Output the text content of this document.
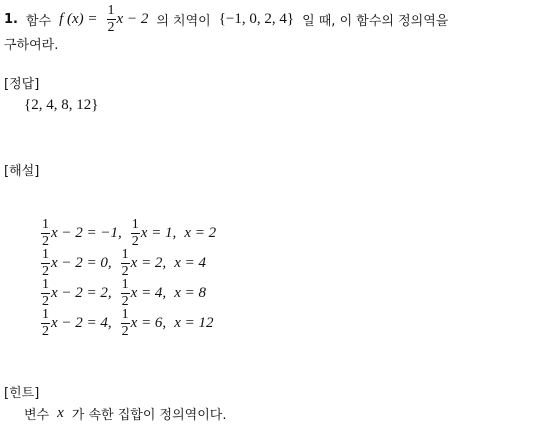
1. 함수 f $(x) = \frac{1}{2}$ x − 2 의 치역이 {−1, 0, 2, 4} 일 때, 이 함수의 정의역을
구하여라.
[정답]
{2, 4, 8, 12}
[해설]
$\frac{1}{2}$ x − 2 = −1, $\frac{1}{2}$ x = 1, x = 2
$\frac{1}{2}$ x − 2 = 0, $\frac{1}{2}$ x = 2, x = 4
$\frac{1}{2}$ x − 2 = 2, $\frac{1}{2}$ x = 4, x = 8
$\frac{1}{2}$ x − 2 = 4, $\frac{1}{2}$ x = 6, x = 12
[힌트]
변수 x 가 속한 집합이 정의역이다.
